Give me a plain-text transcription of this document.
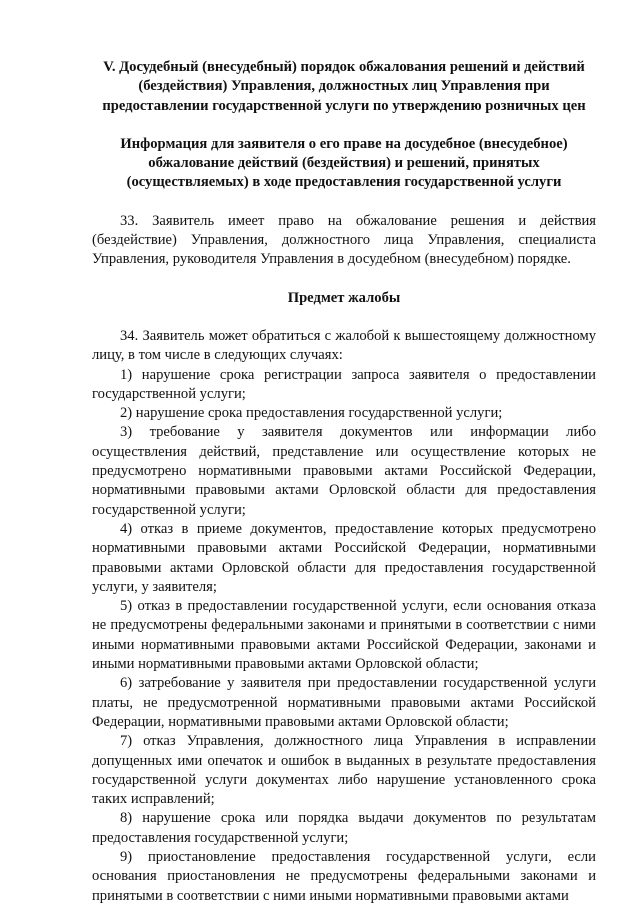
V. Досудебный (внесудебный) порядок обжалования решений и действий (бездействия) Управления, должностных лиц Управления при предоставлении государственной услуги по утверждению розничных цен

Информация для заявителя о его праве на досудебное (внесудебное) обжалование действий (бездействия) и решений, принятых (осуществляемых) в ходе предоставления государственной услуги

33. Заявитель имеет право на обжалование решения и действия (бездействие) Управления, должностного лица Управления, специалиста Управления, руководителя Управления в досудебном (внесудебном) порядке.

Предмет жалобы

34. Заявитель может обратиться с жалобой к вышестоящему должностному лицу, в том числе в следующих случаях:

1) нарушение срока регистрации запроса заявителя о предоставлении государственной услуги;

2) нарушение срока предоставления государственной услуги;

3) требование у заявителя документов или информации либо осуществления действий, представление или осуществление которых не предусмотрено нормативными правовыми актами Российской Федерации, нормативными правовыми актами Орловской области для предоставления государственной услуги;

4) отказ в приеме документов, предоставление которых предусмотрено нормативными правовыми актами Российской Федерации, нормативными правовыми актами Орловской области для предоставления государственной услуги, у заявителя;

5) отказ в предоставлении государственной услуги, если основания отказа не предусмотрены федеральными законами и принятыми в соответствии с ними иными нормативными правовыми актами Российской Федерации, законами и иными нормативными правовыми актами Орловской области;

6) затребование у заявителя при предоставлении государственной услуги платы, не предусмотренной нормативными правовыми актами Российской Федерации, нормативными правовыми актами Орловской области;

7) отказ Управления, должностного лица Управления в исправлении допущенных ими опечаток и ошибок в выданных в результате предоставления государственной услуги документах либо нарушение установленного срока таких исправлений;

8) нарушение срока или порядка выдачи документов по результатам предоставления государственной услуги;

9) приостановление предоставления государственной услуги, если основания приостановления не предусмотрены федеральными законами и принятыми в соответствии с ними иными нормативными правовыми актами
